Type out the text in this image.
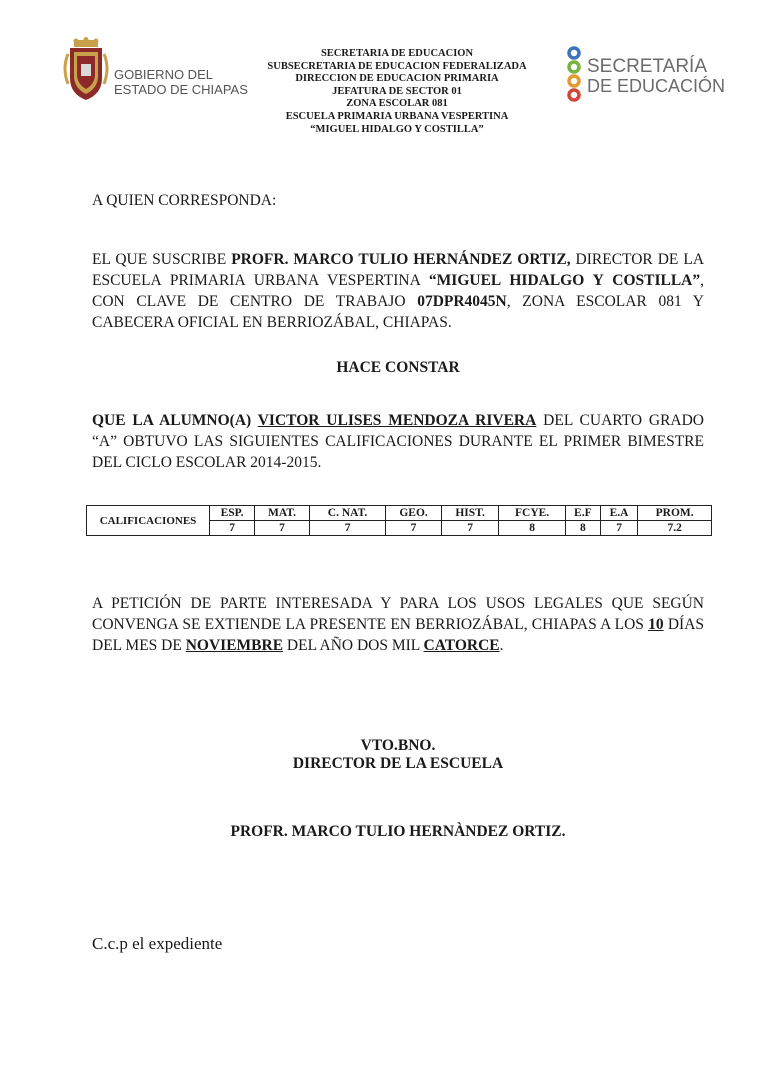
GOBIERNO DEL
ESTADO DE CHIAPAS
SECRETARIA DE EDUCACION
SUBSECRETARIA DE EDUCACION FEDERALIZADA
DIRECCION DE EDUCACION PRIMARIA
JEFATURA DE SECTOR 01
ZONA ESCOLAR 081
ESCUELA PRIMARIA URBANA VESPERTINA
“MIGUEL HIDALGO Y COSTILLA”
SECRETARÍA
DE EDUCACIÓN
A QUIEN CORRESPONDA:
EL QUE SUSCRIBE PROFR. MARCO TULIO HERNÁNDEZ ORTIZ, DIRECTOR DE LA ESCUELA PRIMARIA URBANA VESPERTINA “MIGUEL HIDALGO Y COSTILLA”, CON CLAVE DE CENTRO DE TRABAJO 07DPR4045N, ZONA ESCOLAR 081 Y CABECERA OFICIAL EN BERRIOZÁBAL, CHIAPAS.
HACE CONSTAR
QUE LA ALUMNO(A) VICTOR ULISES MENDOZA RIVERA DEL CUARTO GRADO “A” OBTUVO LAS SIGUIENTES CALIFICACIONES DURANTE EL PRIMER BIMESTRE DEL CICLO ESCOLAR 2014-2015.
CALIFICACIONES	ESP.	MAT.	C. NAT.	GEO.	HIST.	FCYE.	E.F	E.A	PROM.
	7	7	7	7	7	8	8	7	7.2
A PETICIÓN DE PARTE INTERESADA Y PARA LOS USOS LEGALES QUE SEGÚN CONVENGA SE EXTIENDE LA PRESENTE EN BERRIOZÁBAL, CHIAPAS A LOS 10 DÍAS DEL MES DE NOVIEMBRE DEL AÑO DOS MIL CATORCE.
VTO.BNO.
DIRECTOR DE LA ESCUELA
PROFR. MARCO TULIO HERNÀNDEZ ORTIZ.
C.c.p el expediente
